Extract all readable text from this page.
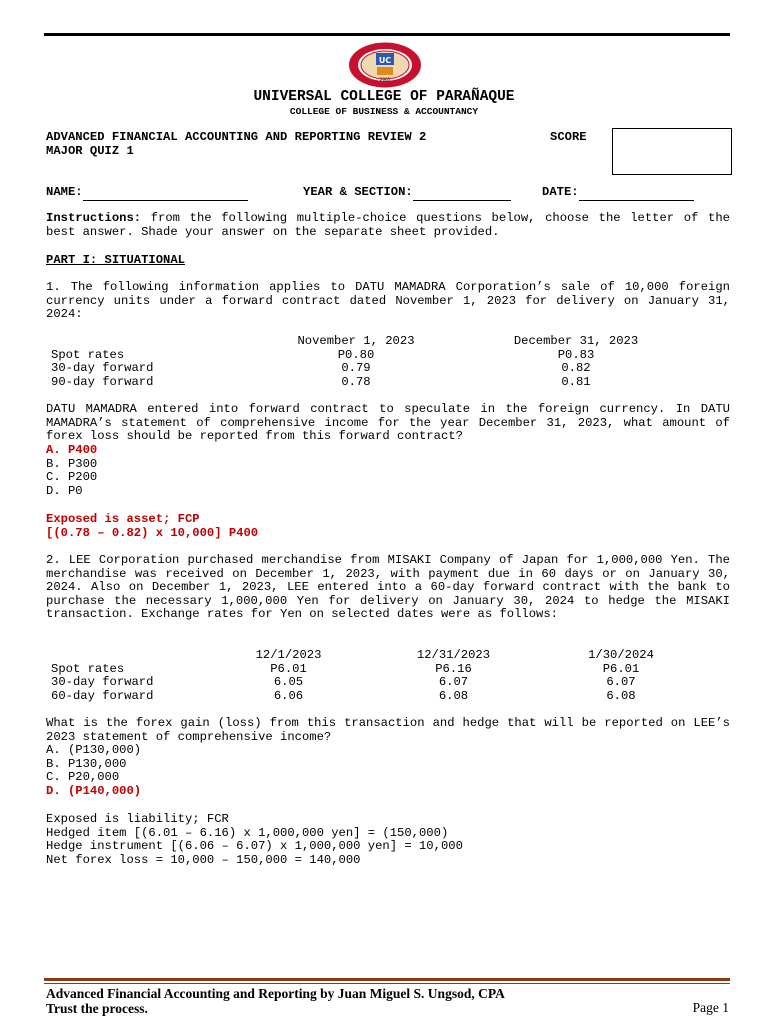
UC
2005
UNIVERSAL COLLEGE OF PARAÑAQUE
COLLEGE OF BUSINESS & ACCOUNTANCY
ADVANCED FINANCIAL ACCOUNTING AND REPORTING REVIEW 2
MAJOR QUIZ 1
SCORE
NAME:	YEAR & SECTION:	DATE:
Instructions: from the following multiple-choice questions below, choose the letter of the best answer. Shade your answer on the separate sheet provided.
PART I: SITUATIONAL
1. The following information applies to DATU MAMADRA Corporation’s sale of 10,000 foreign currency units under a forward contract dated November 1, 2023 for delivery on January 31, 2024:
	November 1, 2023	December 31, 2023
Spot rates	P0.80	P0.83
30-day forward	0.79	0.82
90-day forward	0.78	0.81
DATU MAMADRA entered into forward contract to speculate in the foreign currency. In DATU MAMADRA’s statement of comprehensive income for the year December 31, 2023, what amount of forex loss should be reported from this forward contract?
A. P400
B. P300
C. P200
D. P0
Exposed is asset; FCP
[(0.78 – 0.82) x 10,000] P400
2. LEE Corporation purchased merchandise from MISAKI Company of Japan for 1,000,000 Yen. The merchandise was received on December 1, 2023, with payment due in 60 days or on January 30, 2024. Also on December 1, 2023, LEE entered into a 60-day forward contract with the bank to purchase the necessary 1,000,000 Yen for delivery on January 30, 2024 to hedge the MISAKI transaction. Exchange rates for Yen on selected dates were as follows:
	12/1/2023	12/31/2023	1/30/2024
Spot rates	P6.01	P6.16	P6.01
30-day forward	6.05	6.07	6.07
60-day forward	6.06	6.08	6.08
What is the forex gain (loss) from this transaction and hedge that will be reported on LEE’s 2023 statement of comprehensive income?
A. (P130,000)
B. P130,000
C. P20,000
D. (P140,000)
Exposed is liability; FCR
Hedged item [(6.01 – 6.16) x 1,000,000 yen] = (150,000)
Hedge instrument [(6.06 – 6.07) x 1,000,000 yen] = 10,000
Net forex loss = 10,000 – 150,000 = 140,000
Advanced Financial Accounting and Reporting by Juan Miguel S. Ungsod, CPA
Trust the process.	Page 1
